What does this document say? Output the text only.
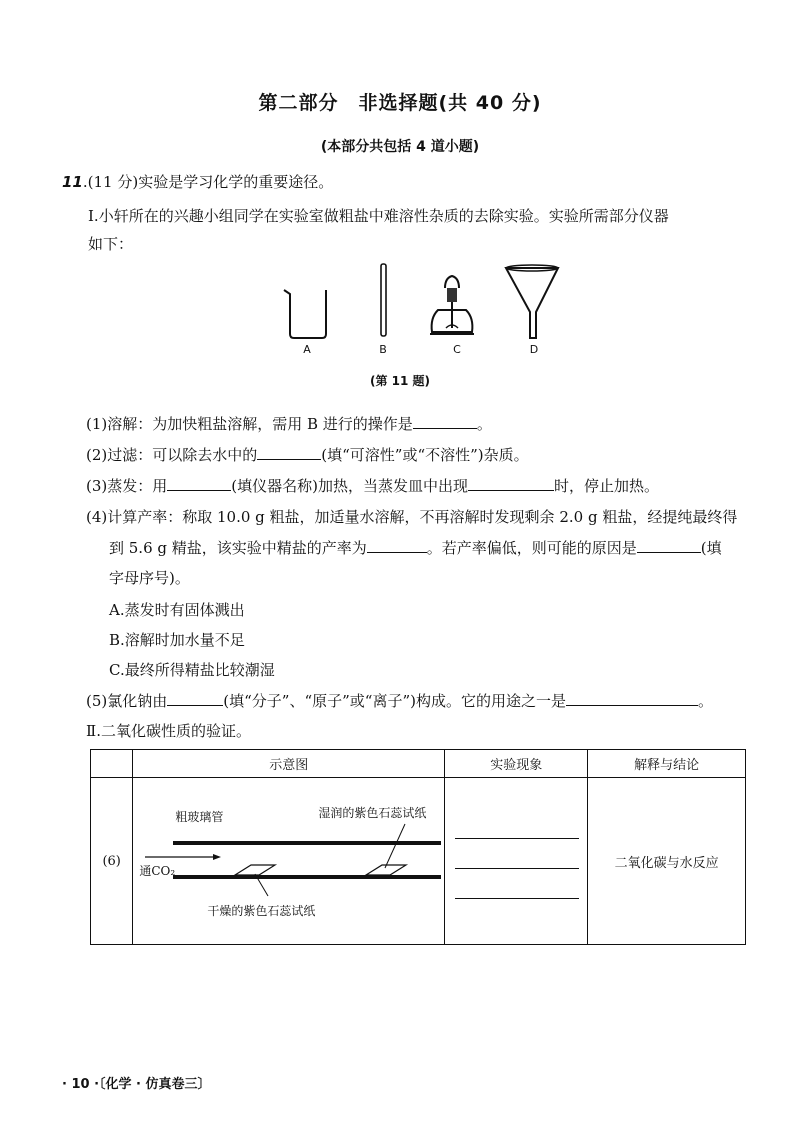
第二部分　非选择题(共 40 分)
(本部分共包括 4 道小题)
11.(11 分)实验是学习化学的重要途径。
Ⅰ.小轩所在的兴趣小组同学在实验室做粗盐中难溶性杂质的去除实验。实验所需部分仪器
如下：
A	B	C	D
(第 11 题)
(1)溶解：为加快粗盐溶解，需用 B 进行的操作是	。
(2)过滤：可以除去水中的	(填“可溶性”或“不溶性”)杂质。
(3)蒸发：用	(填仪器名称)加热，当蒸发皿中出现	时，停止加热。
(4)计算产率：称取 10.0 g 粗盐，加适量水溶解，不再溶解时发现剩余 2.0 g 粗盐，经提纯最终得
到 5.6 g 精盐，该实验中精盐的产率为	。若产率偏低，则可能的原因是	(填
字母序号)。
A.蒸发时有固体溅出
B.溶解时加水量不足
C.最终所得精盐比较潮湿
(5)氯化钠由	(填“分子”、“原子”或“离子”)构成。它的用途之一是	。
Ⅱ.二氧化碳性质的验证。
	示意图	实验现象	解释与结论
(6)	粗玻璃管 湿润的紫色石蕊试纸
通CO₂
干燥的紫色石蕊试纸		二氧化碳与水反应
· 10 ·〔化学 · 仿真卷三〕
